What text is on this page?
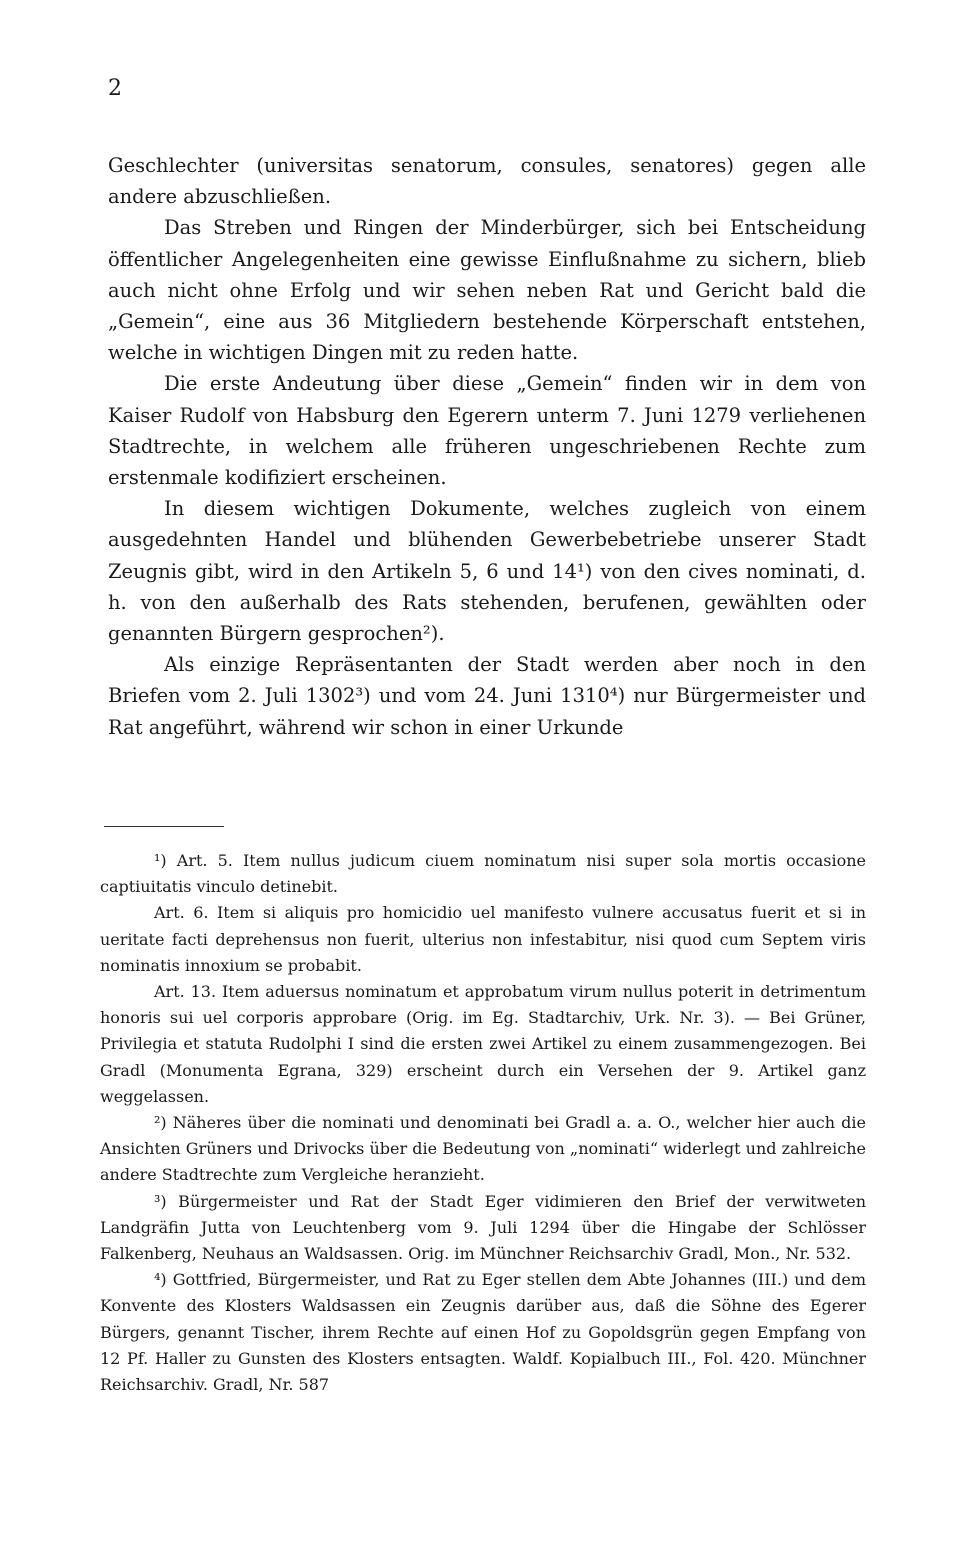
2

Geschlechter (universitas senatorum, consules, senatores) gegen alle andere abzuschließen.

Das Streben und Ringen der Minderbürger, sich bei Entscheidung öffentlicher Angelegenheiten eine gewisse Einflußnahme zu sichern, blieb auch nicht ohne Erfolg und wir sehen neben Rat und Gericht bald die „Gemein“, eine aus 36 Mitgliedern bestehende Körperschaft entstehen, welche in wichtigen Dingen mit zu reden hatte.

Die erste Andeutung über diese „Gemein“ finden wir in dem von Kaiser Rudolf von Habsburg den Egerern unterm 7. Juni 1279 verliehenen Stadtrechte, in welchem alle früheren ungeschriebenen Rechte zum erstenmale kodifiziert erscheinen.

In diesem wichtigen Dokumente, welches zugleich von einem ausgedehnten Handel und blühenden Gewerbebetriebe unserer Stadt Zeugnis gibt, wird in den Artikeln 5, 6 und 14¹) von den cives nominati, d. h. von den außerhalb des Rats stehenden, berufenen, gewählten oder genannten Bürgern gesprochen²).

Als einzige Repräsentanten der Stadt werden aber noch in den Briefen vom 2. Juli 1302³) und vom 24. Juni 1310⁴) nur Bürgermeister und Rat angeführt, während wir schon in einer Urkunde

¹) Art. 5. Item nullus judicum ciuem nominatum nisi super sola mortis occasione captiuitatis vinculo detinebit.

Art. 6. Item si aliquis pro homicidio uel manifesto vulnere accusatus fuerit et si in ueritate facti deprehensus non fuerit, ulterius non infestabitur, nisi quod cum Septem viris nominatis innoxium se probabit.

Art. 13. Item aduersus nominatum et approbatum virum nullus poterit in detrimentum honoris sui uel corporis approbare (Orig. im Eg. Stadtarchiv, Urk. Nr. 3). — Bei Grüner, Privilegia et statuta Rudolphi I sind die ersten zwei Artikel zu einem zusammengezogen. Bei Gradl (Monumenta Egrana, 329) erscheint durch ein Versehen der 9. Artikel ganz weggelassen.

²) Näheres über die nominati und denominati bei Gradl a. a. O., welcher hier auch die Ansichten Grüners und Drivocks über die Bedeutung von „nominati“ widerlegt und zahlreiche andere Stadtrechte zum Vergleiche heranzieht.

³) Bürgermeister und Rat der Stadt Eger vidimieren den Brief der verwitweten Landgräfin Jutta von Leuchtenberg vom 9. Juli 1294 über die Hingabe der Schlösser Falkenberg, Neuhaus an Waldsassen. Orig. im Münchner Reichsarchiv Gradl, Mon., Nr. 532.

⁴) Gottfried, Bürgermeister, und Rat zu Eger stellen dem Abte Johannes (III.) und dem Konvente des Klosters Waldsassen ein Zeugnis darüber aus, daß die Söhne des Egerer Bürgers, genannt Tischer, ihrem Rechte auf einen Hof zu Gopoldsgrün gegen Empfang von 12 Pf. Haller zu Gunsten des Klosters entsagten. Waldf. Kopialbuch III., Fol. 420. Münchner Reichsarchiv. Gradl, Nr. 587
